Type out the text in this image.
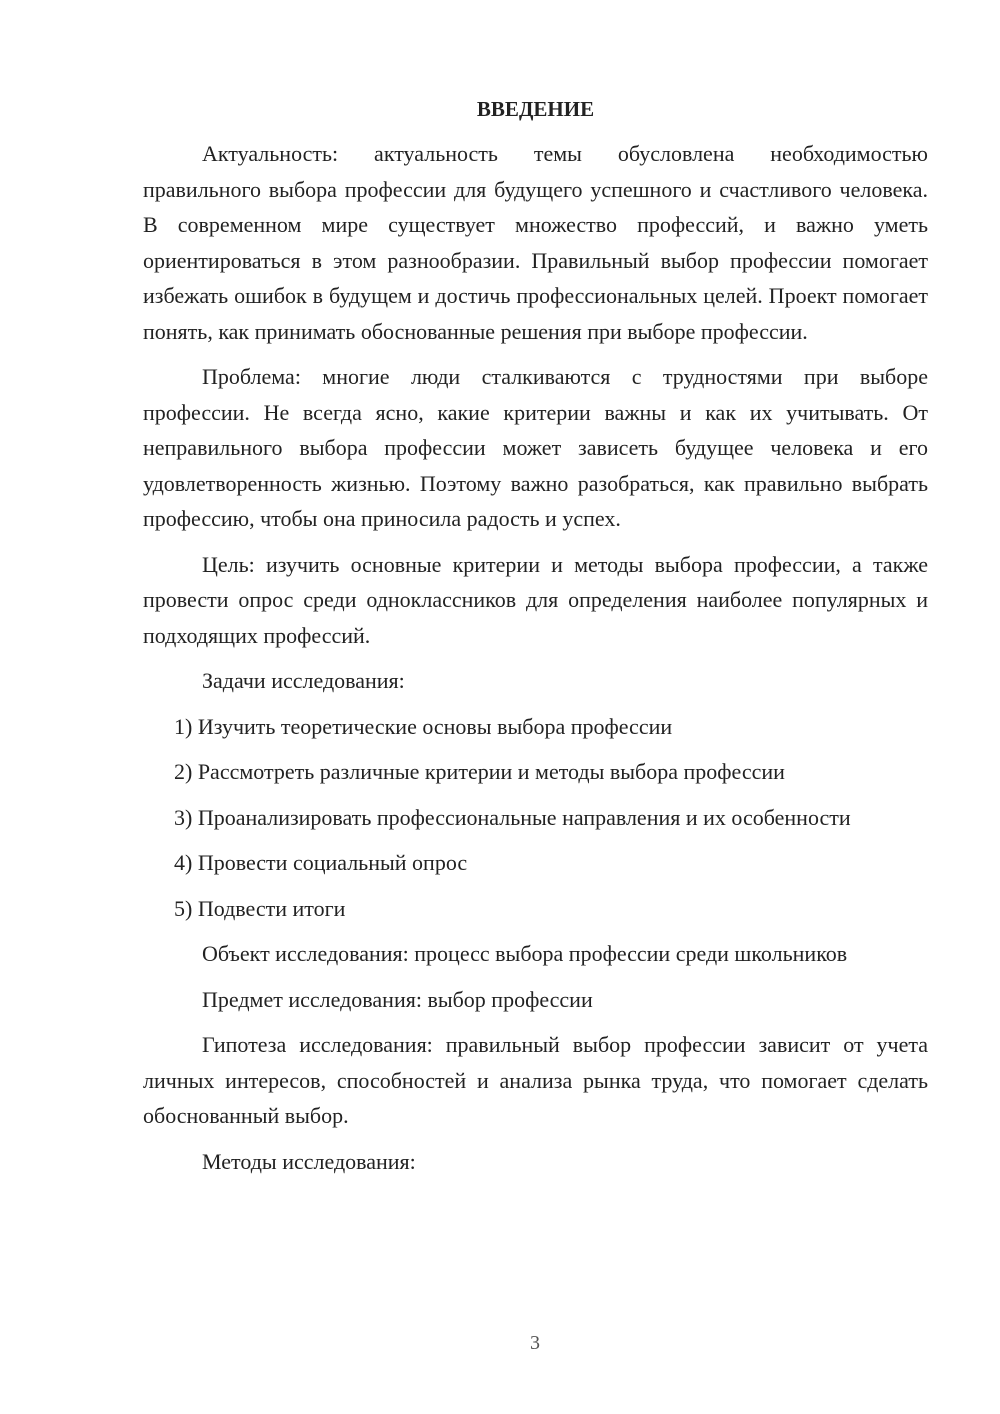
ВВЕДЕНИЕ

Актуальность: актуальность темы обусловлена необходимостью правильного выбора профессии для будущего успешного и счастливого человека. В современном мире существует множество профессий, и важно уметь ориентироваться в этом разнообразии. Правильный выбор профессии помогает избежать ошибок в будущем и достичь профессиональных целей. Проект помогает понять, как принимать обоснованные решения при выборе профессии.

Проблема: многие люди сталкиваются с трудностями при выборе профессии. Не всегда ясно, какие критерии важны и как их учитывать. От неправильного выбора профессии может зависеть будущее человека и его удовлетворенность жизнью. Поэтому важно разобраться, как правильно выбрать профессию, чтобы она приносила радость и успех.

Цель: изучить основные критерии и методы выбора профессии, а также провести опрос среди одноклассников для определения наиболее популярных и подходящих профессий.

Задачи исследования:

1) Изучить теоретические основы выбора профессии

2) Рассмотреть различные критерии и методы выбора профессии

3) Проанализировать профессиональные направления и их особенности

4) Провести социальный опрос

5) Подвести итоги

Объект исследования: процесс выбора профессии среди школьников

Предмет исследования: выбор профессии

Гипотеза исследования: правильный выбор профессии зависит от учета личных интересов, способностей и анализа рынка труда, что помогает сделать обоснованный выбор.

Методы исследования:

3
